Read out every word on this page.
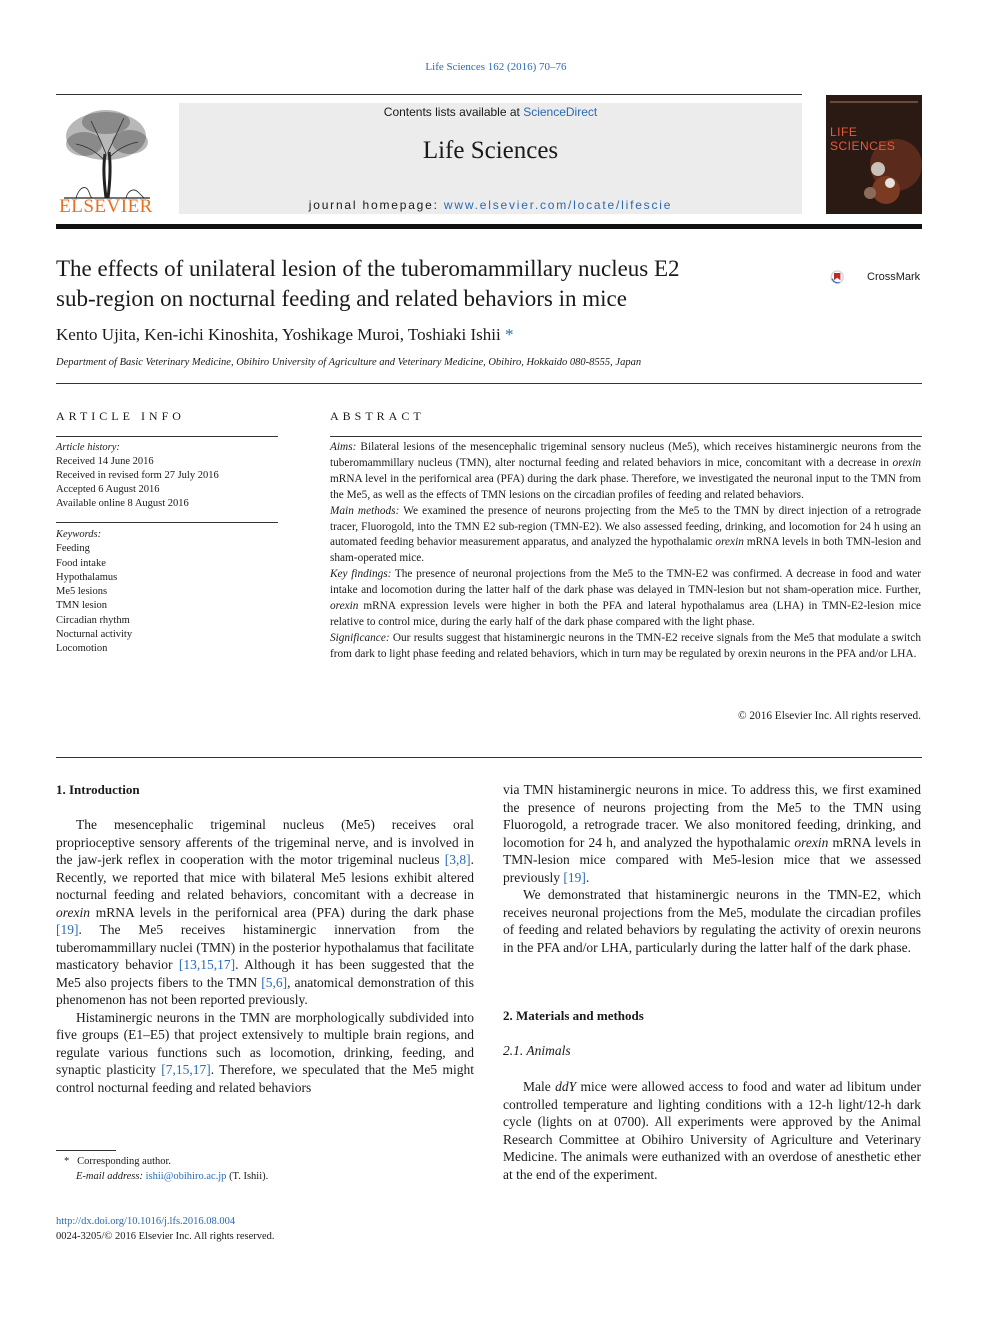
Life Sciences 162 (2016) 70–76
ELSEVIER
Contents lists available at ScienceDirect
Life Sciences
journal homepage: www.elsevier.com/locate/lifescie
LIFE SCIENCES
The effects of unilateral lesion of the tuberomammillary nucleus E2
sub-region on nocturnal feeding and related behaviors in mice
CrossMark
Kento Ujita, Ken-ichi Kinoshita, Yoshikage Muroi, Toshiaki Ishii *
Department of Basic Veterinary Medicine, Obihiro University of Agriculture and Veterinary Medicine, Obihiro, Hokkaido 080-8555, Japan
ARTICLE INFO
Article history:
Received 14 June 2016
Received in revised form 27 July 2016
Accepted 6 August 2016
Available online 8 August 2016
Keywords:
Feeding
Food intake
Hypothalamus
Me5 lesions
TMN lesion
Circadian rhythm
Nocturnal activity
Locomotion
ABSTRACT

Aims: Bilateral lesions of the mesencephalic trigeminal sensory nucleus (Me5), which receives histaminergic neurons from the tuberomammillary nucleus (TMN), alter nocturnal feeding and related behaviors in mice, concomitant with a decrease in orexin mRNA level in the perifornical area (PFA) during the dark phase. Therefore, we investigated the neuronal input to the TMN from the Me5, as well as the effects of TMN lesions on the circadian profiles of feeding and related behaviors.

Main methods: We examined the presence of neurons projecting from the Me5 to the TMN by direct injection of a retrograde tracer, Fluorogold, into the TMN E2 sub-region (TMN-E2). We also assessed feeding, drinking, and locomotion for 24 h using an automated feeding behavior measurement apparatus, and analyzed the hypothalamic orexin mRNA levels in both TMN-lesion and sham-operated mice.

Key findings: The presence of neuronal projections from the Me5 to the TMN-E2 was confirmed. A decrease in food and water intake and locomotion during the latter half of the dark phase was delayed in TMN-lesion but not sham-operation mice. Further, orexin mRNA expression levels were higher in both the PFA and lateral hypothalamus area (LHA) in TMN-E2-lesion mice relative to control mice, during the early half of the dark phase compared with the light phase.

Significance: Our results suggest that histaminergic neurons in the TMN-E2 receive signals from the Me5 that modulate a switch from dark to light phase feeding and related behaviors, which in turn may be regulated by orexin neurons in the PFA and/or LHA.

© 2016 Elsevier Inc. All rights reserved.
1. Introduction

The mesencephalic trigeminal nucleus (Me5) receives oral proprioceptive sensory afferents of the trigeminal nerve, and is involved in the jaw-jerk reflex in cooperation with the motor trigeminal nucleus [3,8]. Recently, we reported that mice with bilateral Me5 lesions exhibit altered nocturnal feeding and related behaviors, concomitant with a decrease in orexin mRNA levels in the perifornical area (PFA) during the dark phase [19]. The Me5 receives histaminergic innervation from the tuberomammillary nuclei (TMN) in the posterior hypothalamus that facilitate masticatory behavior [13,15,17]. Although it has been suggested that the Me5 also projects fibers to the TMN [5,6], anatomical demonstration of this phenomenon has not been reported previously.

Histaminergic neurons in the TMN are morphologically subdivided into five groups (E1–E5) that project extensively to multiple brain regions, and regulate various functions such as locomotion, drinking, feeding, and synaptic plasticity [7,15,17]. Therefore, we speculated that the Me5 might control nocturnal feeding and related behaviors

via TMN histaminergic neurons in mice. To address this, we first examined the presence of neurons projecting from the Me5 to the TMN using Fluorogold, a retrograde tracer. We also monitored feeding, drinking, and locomotion for 24 h, and analyzed the hypothalamic orexin mRNA levels in TMN-lesion mice compared with Me5-lesion mice that we assessed previously [19].

We demonstrated that histaminergic neurons in the TMN-E2, which receives neuronal projections from the Me5, modulate the circadian profiles of feeding and related behaviors by regulating the activity of orexin neurons in the PFA and/or LHA, particularly during the latter half of the dark phase.

2. Materials and methods
2.1. Animals

Male ddY mice were allowed access to food and water ad libitum under controlled temperature and lighting conditions with a 12-h light/12-h dark cycle (lights on at 0700). All experiments were approved by the Animal Research Committee at Obihiro University of Agriculture and Veterinary Medicine. The animals were euthanized with an overdose of anesthetic ether at the end of the experiment.

* Corresponding author.
E-mail address: ishii@obihiro.ac.jp (T. Ishii).
http://dx.doi.org/10.1016/j.lfs.2016.08.004
0024-3205/© 2016 Elsevier Inc. All rights reserved.
